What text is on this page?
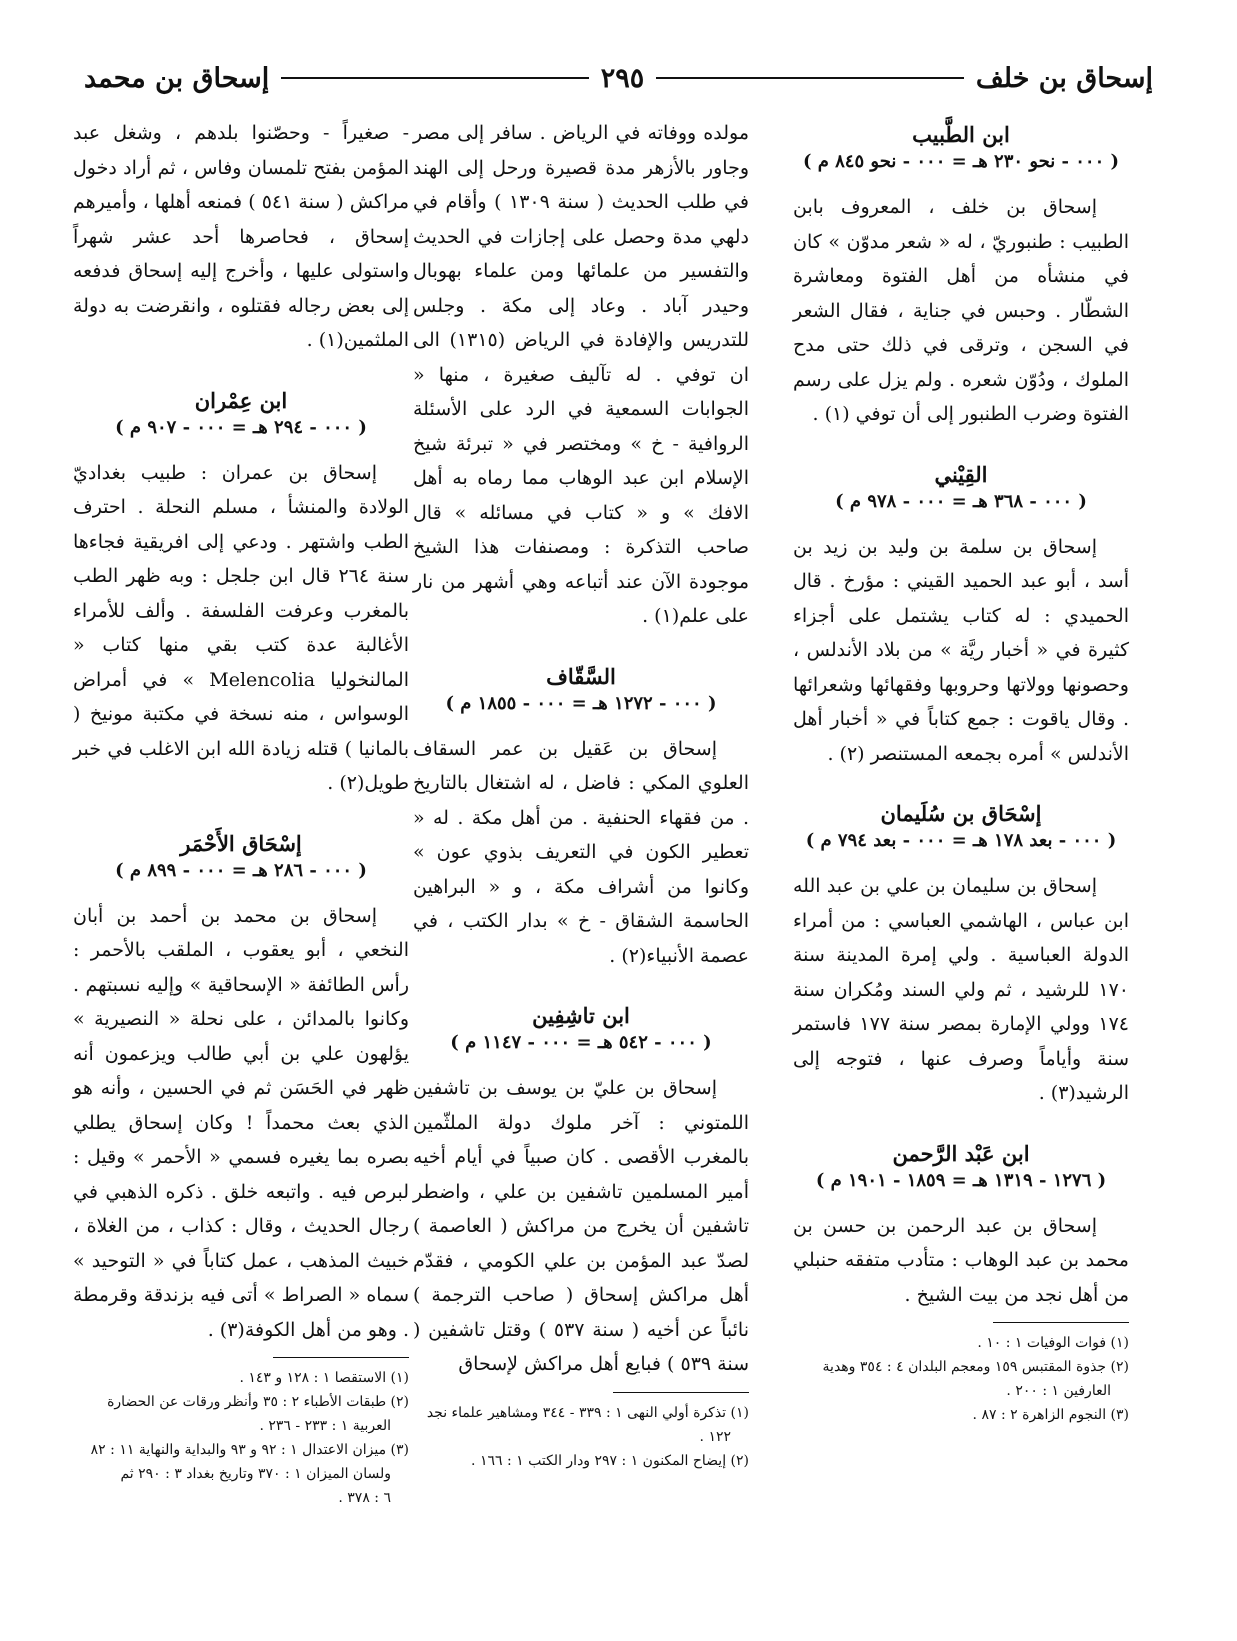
إسحاق بن خلف
٢٩٥
إسحاق بن محمد
ابن الطَّبيب
( ٠٠٠ - نحو ٢٣٠ هـ = ٠٠٠ - نحو ٨٤٥ م )

إسحاق بن خلف ، المعروف بابن الطبيب : طنبوريّ ، له « شعر مدوّن » كان في منشأه من أهل الفتوة ومعاشرة الشطّار . وحبس في جناية ، فقال الشعر في السجن ، وترقى في ذلك حتى مدح الملوك ، ودُوّن شعره . ولم يزل على رسم الفتوة وضرب الطنبور إلى أن توفي (١) .

القِيْني
( ٠٠٠ - ٣٦٨ هـ = ٠٠٠ - ٩٧٨ م )

إسحاق بن سلمة بن وليد بن زيد بن أسد ، أبو عبد الحميد القيني : مؤرخ . قال الحميدي : له كتاب يشتمل على أجزاء كثيرة في « أخبار ريَّة » من بلاد الأندلس ، وحصونها وولاتها وحروبها وفقهائها وشعرائها . وقال ياقوت : جمع كتاباً في « أخبار أهل الأندلس » أمره بجمعه المستنصر (٢) .

إسْحَاق بن سُلَيمان
( ٠٠٠ - بعد ١٧٨ هـ = ٠٠٠ - بعد ٧٩٤ م )

إسحاق بن سليمان بن علي بن عبد الله ابن عباس ، الهاشمي العباسي : من أمراء الدولة العباسية . ولي إمرة المدينة سنة ١٧٠ للرشيد ، ثم ولي السند ومُكران سنة ١٧٤ وولي الإمارة بمصر سنة ١٧٧ فاستمر سنة وأياماً وصرف عنها ، فتوجه إلى الرشيد(٣) .

ابن عَبْد الرَّحمن
( ١٢٧٦ - ١٣١٩ هـ = ١٨٥٩ - ١٩٠١ م )

إسحاق بن عبد الرحمن بن حسن بن محمد بن عبد الوهاب : متأدب متفقه حنبلي من أهل نجد من بيت الشيخ .

(١) فوات الوفيات ١ : ١٠ .
(٢) جذوة المقتبس ١٥٩ ومعجم البلدان ٤ : ٣٥٤ وهدية
العارفين ١ : ٢٠٠ .
(٣) النجوم الزاهرة ٢ : ٨٧ .

مولده ووفاته في الرياض . سافر إلى مصر وجاور بالأزهر مدة قصيرة ورحل إلى الهند في طلب الحديث ( سنة ١٣٠٩ ) وأقام في دلهي مدة وحصل على إجازات في الحديث والتفسير من علمائها ومن علماء بهوبال وحيدر آباد . وعاد إلى مكة . وجلس للتدريس والإفادة في الرياض (١٣١٥) الى ان توفي . له تآليف صغيرة ، منها « الجوابات السمعية في الرد على الأسئلة الروافية - خ » ومختصر في « تبرئة شيخ الإسلام ابن عبد الوهاب مما رماه به أهل الافك » و « كتاب في مسائله » قال صاحب التذكرة : ومصنفات هذا الشيخ موجودة الآن عند أتباعه وهي أشهر من نار على علم(١) .

السَّقّاف
( ٠٠٠ - ١٢٧٢ هـ = ٠٠٠ - ١٨٥٥ م )

إسحاق بن عَقيل بن عمر السقاف العلوي المكي : فاضل ، له اشتغال بالتاريخ . من فقهاء الحنفية . من أهل مكة . له « تعطير الكون في التعريف بذوي عون » وكانوا من أشراف مكة ، و « البراهين الحاسمة الشقاق - خ » بدار الكتب ، في عصمة الأنبياء(٢) .

ابن تاشِفِين
( ٠٠٠ - ٥٤٢ هـ = ٠٠٠ - ١١٤٧ م )

إسحاق بن عليّ بن يوسف بن تاشفين اللمتوني : آخر ملوك دولة الملثّمين بالمغرب الأقصى . كان صبياً في أيام أخيه أمير المسلمين تاشفين بن علي ، واضطر تاشفين أن يخرج من مراكش ( العاصمة ) لصدّ عبد المؤمن بن علي الكومي ، فقدّم أهل مراكش إسحاق ( صاحب الترجمة ) نائباً عن أخيه ( سنة ٥٣٧ ) وقتل تاشفين ( سنة ٥٣٩ ) فبايع أهل مراكش لإسحاق

(١) تذكرة أولي النهى ١ : ٣٣٩ - ٣٤٤ ومشاهير علماء نجد
١٢٢ .
(٢) إيضاح المكنون ١ : ٢٩٧ ودار الكتب ١ : ١٦٦ .

- صغيراً - وحصّنوا بلدهم ، وشغل عبد المؤمن بفتح تلمسان وفاس ، ثم أراد دخول مراكش ( سنة ٥٤١ ) فمنعه أهلها ، وأميرهم إسحاق ، فحاصرها أحد عشر شهراً واستولى عليها ، وأخرج إليه إسحاق فدفعه إلى بعض رجاله فقتلوه ، وانقرضت به دولة الملثمين(١) .

ابن عِمْران
( ٠٠٠ - ٢٩٤ هـ = ٠٠٠ - ٩٠٧ م )

إسحاق بن عمران : طبيب بغداديّ الولادة والمنشأ ، مسلم النحلة . احترف الطب واشتهر . ودعي إلى افريقية فجاءها سنة ٢٦٤ قال ابن جلجل : وبه ظهر الطب بالمغرب وعرفت الفلسفة . وألف للأمراء الأغالبة عدة كتب بقي منها كتاب « المالنخوليا Melencolia » في أمراض الوسواس ، منه نسخة في مكتبة مونيخ ( بالمانيا ) قتله زيادة الله ابن الاغلب في خبر طويل(٢) .

إسْحَاق الأَحْمَر
( ٠٠٠ - ٢٨٦ هـ = ٠٠٠ - ٨٩٩ م )

إسحاق بن محمد بن أحمد بن أبان النخعي ، أبو يعقوب ، الملقب بالأحمر : رأس الطائفة « الإسحاقية » وإليه نسبتهم . وكانوا بالمدائن ، على نحلة « النصيرية » يؤلهون علي بن أبي طالب ويزعمون أنه ظهر في الحَسَن ثم في الحسين ، وأنه هو الذي بعث محمداً ! وكان إسحاق يطلي بصره بما يغيره فسمي « الأحمر » وقيل : لبرص فيه . واتبعه خلق . ذكره الذهبي في رجال الحديث ، وقال : كذاب ، من الغلاة ، خبيث المذهب ، عمل كتاباً في « التوحيد » سماه « الصراط » أتى فيه بزندقة وقرمطة . وهو من أهل الكوفة(٣) .

(١) الاستقصا ١ : ١٢٨ و ١٤٣ .
(٢) طبقات الأطباء ٢ : ٣٥ وأنظر ورقات عن الحضارة
العربية ١ : ٢٣٣ - ٢٣٦ .
(٣) ميزان الاعتدال ١ : ٩٢ و ٩٣ والبداية والنهاية ١١ : ٨٢
ولسان الميزان ١ : ٣٧٠ وتاريخ بغداد ٣ : ٢٩٠ ثم
٦ : ٣٧٨ .
